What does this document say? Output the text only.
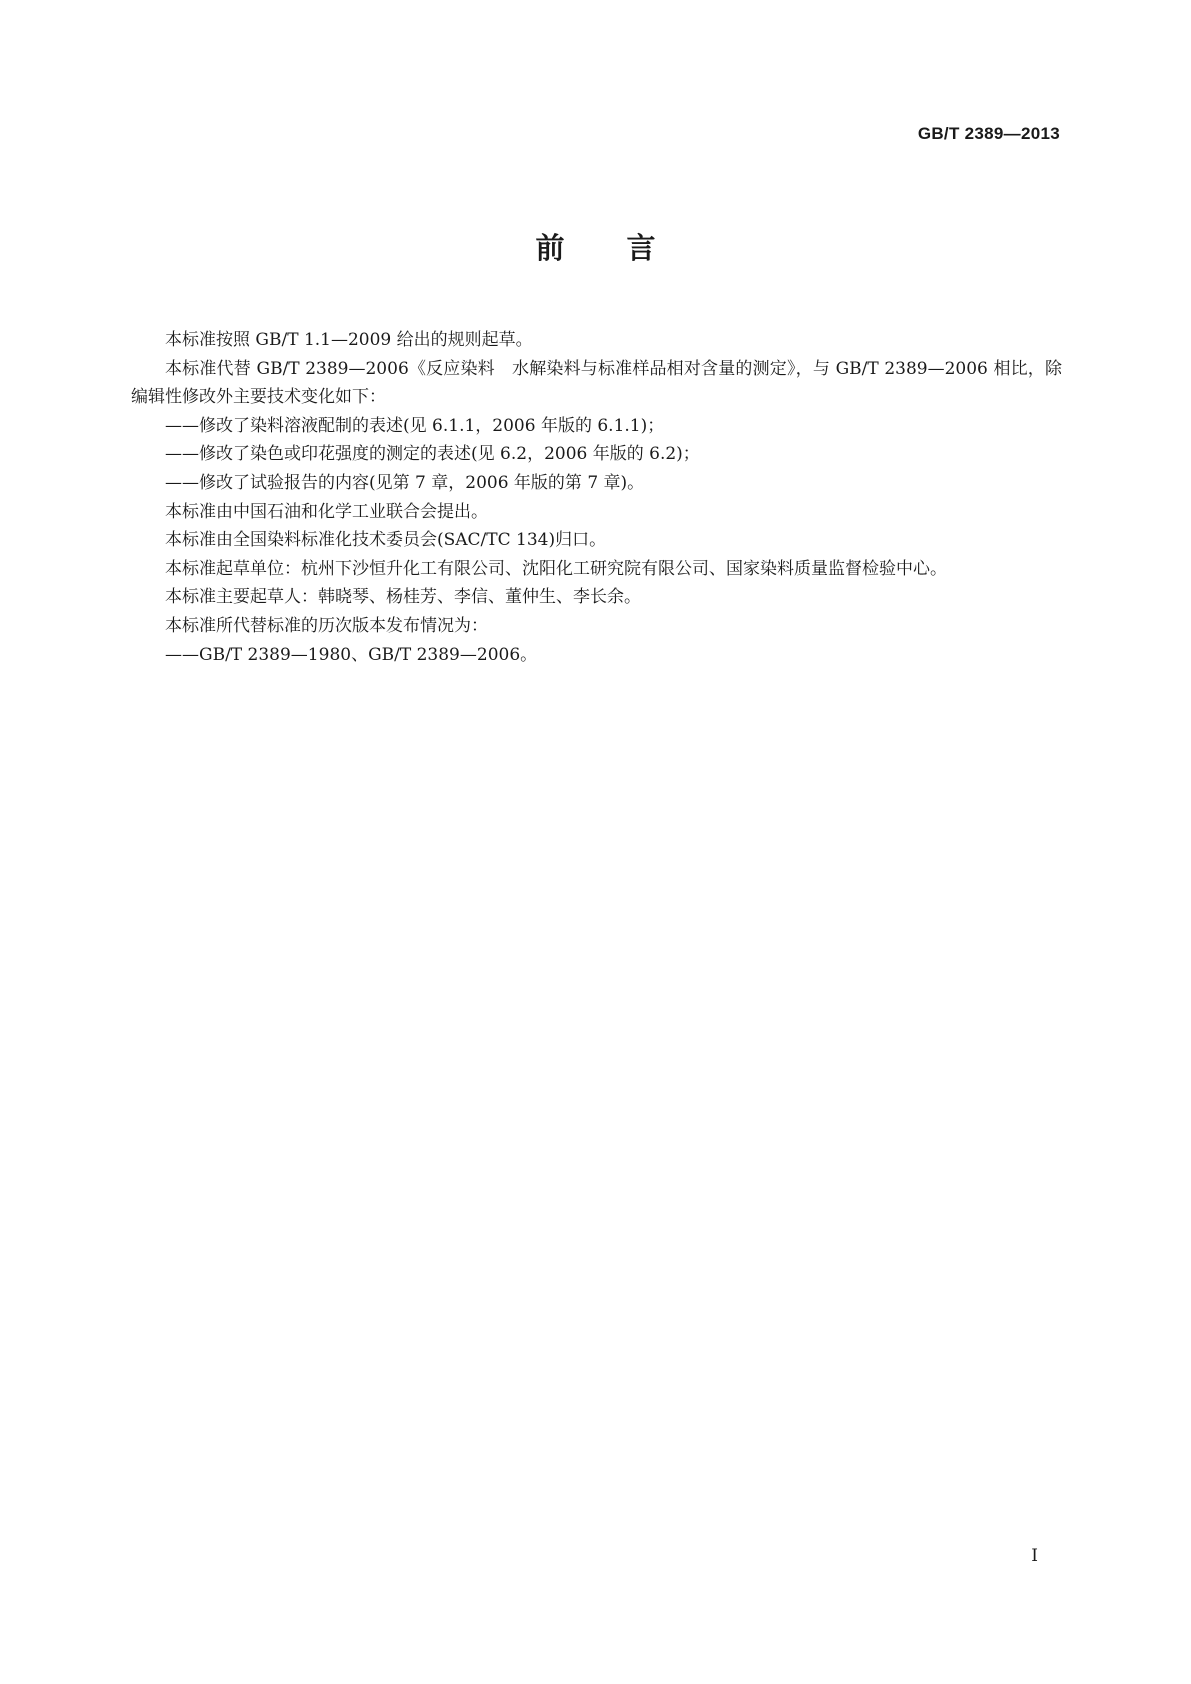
GB/T 2389—2013
前言

本标准按照 GB/T 1.1—2009 给出的规则起草。

本标准代替 GB/T 2389—2006《反应染料　水解染料与标准样品相对含量的测定》，与 GB/T 2389—2006 相比，除编辑性修改外主要技术变化如下：

——修改了染料溶液配制的表述(见 6.1.1，2006 年版的 6.1.1)；

——修改了染色或印花强度的测定的表述(见 6.2，2006 年版的 6.2)；

——修改了试验报告的内容(见第 7 章，2006 年版的第 7 章)。

本标准由中国石油和化学工业联合会提出。

本标准由全国染料标准化技术委员会(SAC/TC 134)归口。

本标准起草单位：杭州下沙恒升化工有限公司、沈阳化工研究院有限公司、国家染料质量监督检验中心。

本标准主要起草人：韩晓琴、杨桂芳、李信、董仲生、李长余。

本标准所代替标准的历次版本发布情况为：

——GB/T 2389—1980、GB/T 2389—2006。

I
